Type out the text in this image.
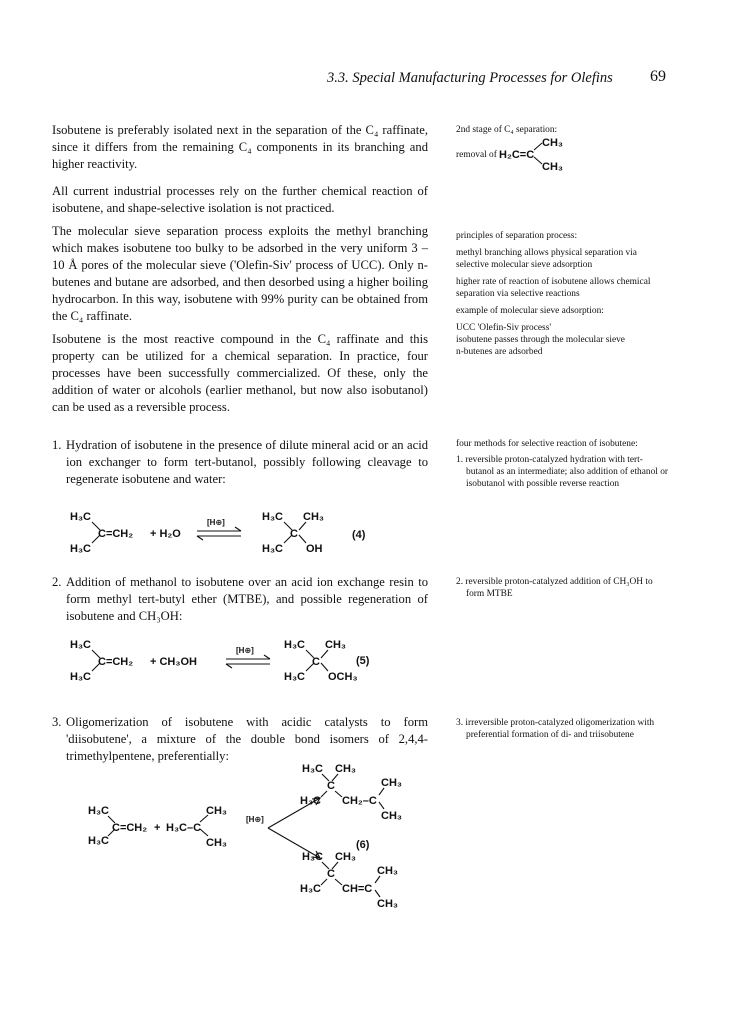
3.3. Special Manufacturing Processes for Olefins 69

Isobutene is preferably isolated next in the separation of the C₄ raffinate, since it differs from the remaining C₄ components in its branching and higher reactivity.

All current industrial processes rely on the further chemical reaction of isobutene, and shape-selective isolation is not practiced.

The molecular sieve separation process exploits the methyl branching which makes isobutene too bulky to be adsorbed in the very uniform 3 – 10 Å pores of the molecular sieve ('Olefin-Siv' process of UCC). Only n-butenes and butane are adsorbed, and then desorbed using a higher boiling hydrocarbon. In this way, isobutene with 99% purity can be obtained from the C₄ raffinate.

Isobutene is the most reactive compound in the C₄ raffinate and this property can be utilized for a chemical separation. In practice, four processes have been successfully commercialized. Of these, only the addition of water or alcohols (earlier methanol, but now also isobutanol) can be used as a reversible process.

1. Hydration of isobutene in the presence of dilute mineral acid or an acid ion exchanger to form tert-butanol, possibly following cleavage to regenerate isobutene and water:
2. Addition of methanol to isobutene over an acid ion exchange resin to form methyl tert-butyl ether (MTBE), and possible regeneration of isobutene and CH₃OH:
3. Oligomerization of isobutene with acidic catalysts to form 'diisobutene', a mixture of the double bond isomers of 2,4,4-trimethylpentene, preferentially:

2nd stage of C₄ separation:

removal of H₂C=C
CH₃
CH₃

principles of separation process:

methyl branching allows physical separation via selective molecular sieve adsorption

higher rate of reaction of isobutene allows chemical separation via selective reactions

example of molecular sieve adsorption:

UCC 'Olefin-Siv process'

isobutene passes through the molecular sieve

n-butenes are adsorbed

four methods for selective reaction of isobutene:

1. reversible proton-catalyzed hydration with tert-butanol as an intermediate; also addition of ethanol or isobutanol with possible reverse reaction

2. reversible proton-catalyzed addition of CH₃OH to form MTBE

3. irreversible proton-catalyzed oligomerization with preferential formation of di- and triisobutene

H₃C
H₃C
C=CH₂ + H₂O
[H⊕]	H₃C
H₃C
C
CH₃
OH
(4)
H₃C
H₃C
C=CH₂ + CH₃OH
[H⊕]	H₃C
H₃C
C
CH₃
OCH₃
(5)
H₃C
H₃C
C=CH₂ + H₃C–C
CH₃
CH₃
[H⊕]
H₃C CH₃
C
H₃C CH₂–C
CH₃
CH₃
H₃C CH₃
C
H₃C CH=C
CH₃
CH₃
(6)
